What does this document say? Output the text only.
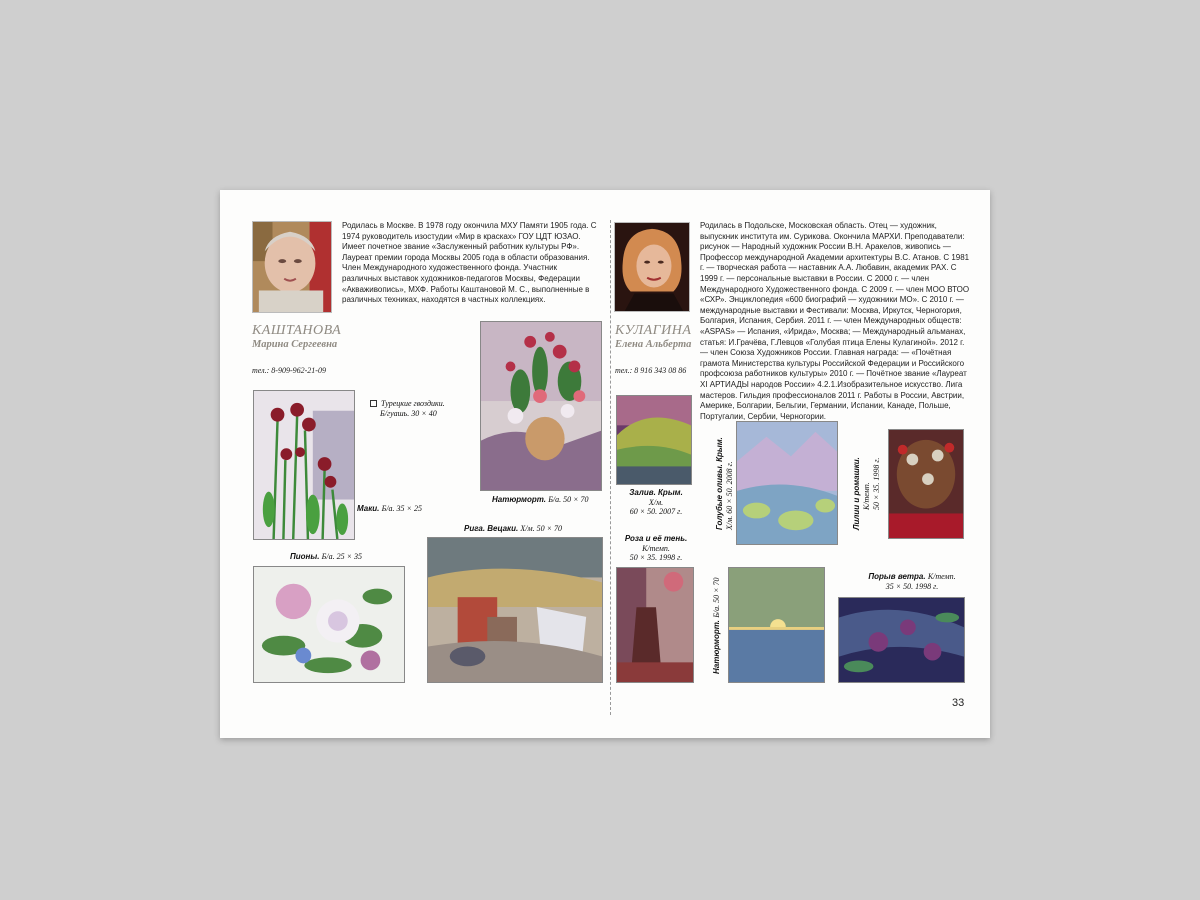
Родилась в Москве. В 1978 году окончила МХУ Памяти 1905 года. С 1974 руководитель изостудии «Мир в красках» ГОУ ЦДТ ЮЗАО. Имеет почетное звание «Заслуженный работник культуры РФ». Лауреат премии города Москвы 2005 года в области образования. Член Международного художественного фонда. Участник различных выставок художников-педагогов Москвы, Федерации «Акваживопись», МХФ. Работы Каштановой М. С., выполненные в различных техниках, находятся в частных коллекциях.

КАШТАНОВА
Марина Сергеевна
тел.: 8-909-962-21-09
Турецкие гвоздики.
Б/гуашь. 30 × 40
Маки. Б/а. 35 × 25
Натюрморт. Б/а. 50 × 70
Пионы. Б/а. 25 × 35
Рига. Вецаки. Х/м. 50 × 70

Родилась в Подольске, Московская область. Отец — художник, выпускник института им. Сурикова. Окончила МАРХИ. Преподаватели: рисунок — Народный художник России В.Н. Аракелов, живопись — Профессор международной Академии архитектуры В.С. Атанов. С 1981 г. — творческая работа — наставник А.А. Любавин, академик РАХ. С 1999 г. — персональные выставки в России. С 2000 г. — член Международного Художественного фонда. С 2009 г. — член МОО ВТОО «СХР». Энциклопедия «600 биографий — художники МО». С 2010 г. — международные выставки и Фестивали: Москва, Иркутск, Черногория, Болгария, Испания, Сербия. 2011 г. — член Международных обществ: «ASPAS» — Испания, «Ирида», Москва; — Международный альманах, статья: И.Грачёва, Г.Левцов «Голубая птица Елены Кулагиной». 2012 г. — член Союза Художников России. Главная награда: — «Почётная грамота Министерства культуры Российской Федерации и Российского профсоюза работников культуры» 2010 г. — Почётное звание «Лауреат XI АРТИАДЫ народов России» 4.2.1.Изобразительное искусство. Лига мастеров. Гильдия профессионалов 2011 г. Работы в России, Австрии, Америке, Болгарии, Бельгии, Германии, Испании, Канаде, Польше, Португалии, Сербии, Черногории.

КУЛАГИНА
Елена Альберта
тел.: 8 916 343 08 86
Залив. Крым.
Х/м.
60 × 50. 2007 г.
Роза и её тень.
К/темп.
50 × 35. 1998 г.
Голубые оливы. Крым. Х/м. 60 × 50. 2008 г.	Лилии и ромашки. К/темп. 50 × 35. 1998 г.
Натюрморт. Б/а. 50 × 70
Порыв ветра. К/темп.
35 × 50. 1998 г.
33
